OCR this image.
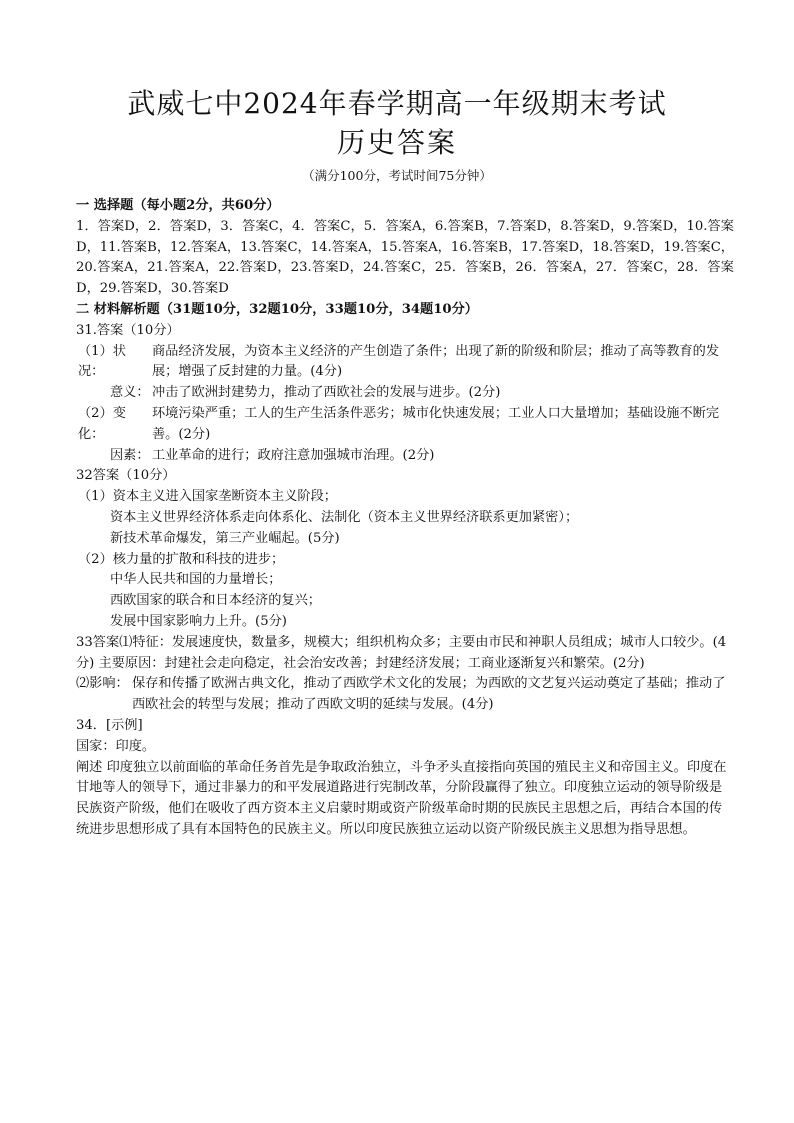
武威七中2024年春学期高一年级期末考试
历史答案
（满分100分，考试时间75分钟）
一 选择题（每小题2分，共60分）
1．答案D，2．答案D，3．答案C，4．答案C，5．答案A，6.答案B，7.答案D，8.答案D，9.答案D，10.答案D，11.答案B，12.答案A，13.答案C，14.答案A，15.答案A，16.答案B，17.答案D，18.答案D，19.答案C，20.答案A，21.答案A，22.答案D，23.答案D，24.答案C，25．答案B，26．答案A，27．答案C，28．答案D，29.答案D，30.答案D
二 材料解析题（31题10分，32题10分，33题10分，34题10分）
31.答案（10分）
（1）状况：
商品经济发展，为资本主义经济的产生创造了条件；出现了新的阶级和阶层；推动了高等教育的发展；增强了反封建的力量。(4分)
意义： 冲击了欧洲封建势力，推动了西欧社会的发展与进步。(2分)
（2）变化：
环境污染严重；工人的生产生活条件恶劣；城市化快速发展；工业人口大量增加；基础设施不断完善。(2分)
因素： 工业革命的进行；政府注意加强城市治理。(2分)
32答案（10分）
（1） 资本主义进入国家垄断资本主义阶段；
资本主义世界经济体系走向体系化、法制化（资本主义世界经济联系更加紧密）；
新技术革命爆发，第三产业崛起。(5分)
（2） 核力量的扩散和科技的进步；
中华人民共和国的力量增长；
西欧国家的联合和日本经济的复兴；
发展中国家影响力上升。(5分)
33答案⑴特征：发展速度快，数量多，规模大；组织机构众多；主要由市民和神职人员组成；城市人口较少。(4分) 主要原因：封建社会走向稳定，社会治安改善；封建经济发展；工商业逐渐复兴和繁荣。(2分)
⑵影响： 保存和传播了欧洲古典文化，推动了西欧学术文化的发展；为西欧的文艺复兴运动奠定了基础；推动了西欧社会的转型与发展；推动了西欧文明的延续与发展。(4分)
34．[示例]
国家：印度。
阐述 印度独立以前面临的革命任务首先是争取政治独立，斗争矛头直接指向英国的殖民主义和帝国主义。印度在甘地等人的领导下，通过非暴力的和平发展道路进行宪制改革，分阶段赢得了独立。印度独立运动的领导阶级是民族资产阶级，他们在吸收了西方资本主义启蒙时期或资产阶级革命时期的民族民主思想之后，再结合本国的传统进步思想形成了具有本国特色的民族主义。所以印度民族独立运动以资产阶级民族主义思想为指导思想。
